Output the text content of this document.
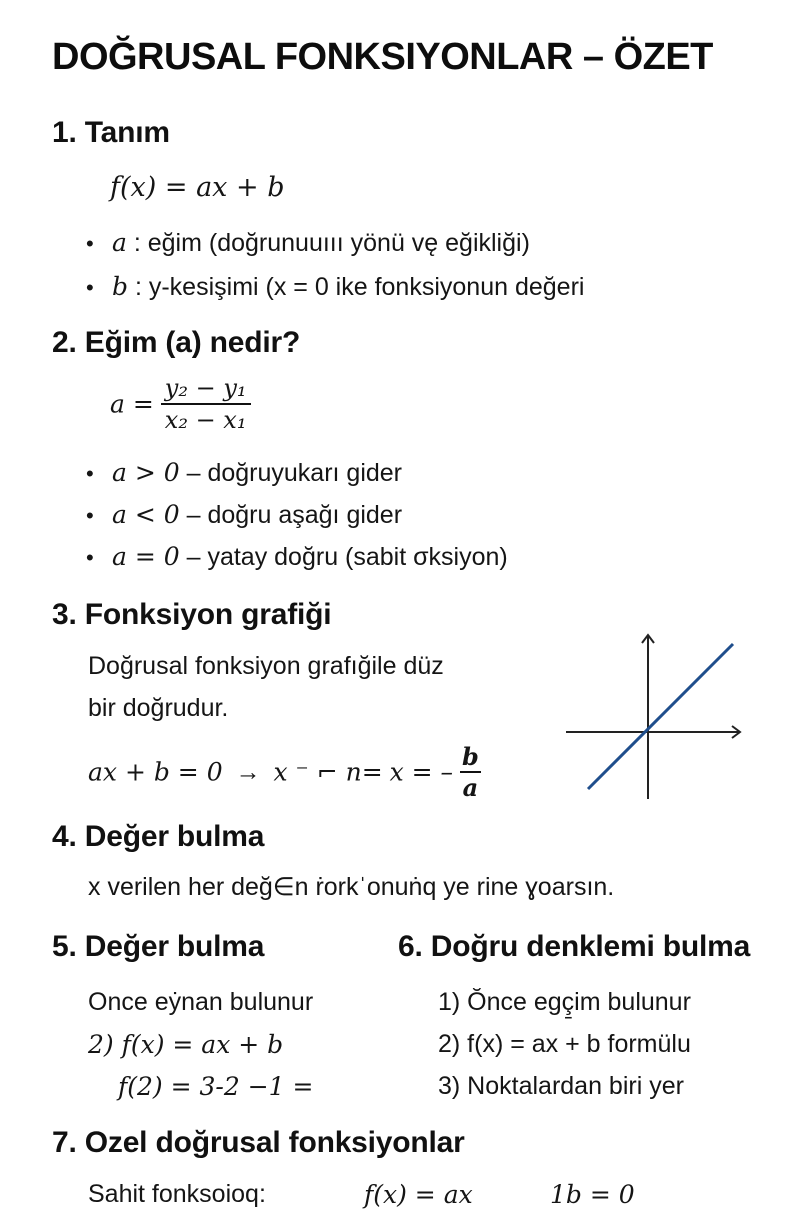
DOĞRUSAL FONKSIYONLAR – ÖZET
1. Tanım
f(x) = ax + b
• a : eğim (doğrunuuııı yönü vę eğikliği)
• b : y-kesişimi (x = 0 ike fonksiyonun değeri
2. Eğim (a) nedir?
$a = \frac{\text{y₂ − y₁}}{\text{x₂ − x₁}}$
• a > 0 – doğruyukarı gider
• a < 0 – doğru aşağı gider
• a = 0 – yatay doğru (sabit σksiyon)
3. Fonksiyon grafiği
Doğrusal fonksiyon grafığile düz
bir doğrudur.
ax + b = 0 → x ⁻ ⌐ n= x = – $\frac{b}{a}$
4. Değer bulma
x verilen her değ∈n ṙorkˈonuṅq ye rine ɣoarsın.
5. Değer bulma
Once eẏnan bulunur
2) f(x) = ax + b
f(2) = 3-2 −1 =
6. Doğru denklemi bulma
1) Ŏnce egç̱im bulunur
2) f(x) = ax + b formülu
3) Noktalardan biri yer
7. Ozel doğrusal fonksiyonlar
Sahit fonksoioq:	f(x) = ax	1b = 0
